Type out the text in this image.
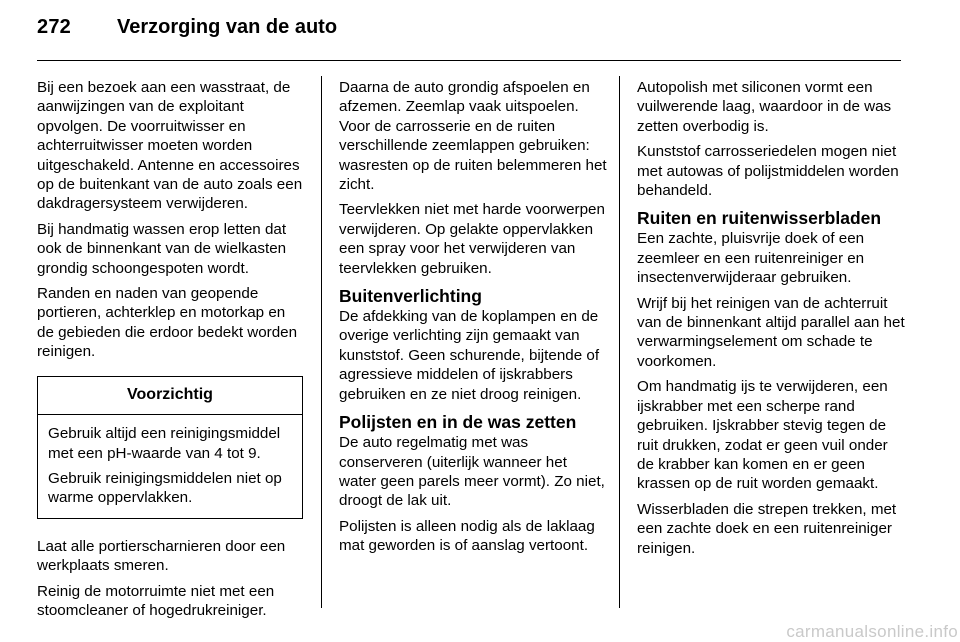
272 Verzorging van de auto

Bij een bezoek aan een wasstraat, de aanwijzingen van de exploitant opvolgen. De voorruitwisser en achterruitwisser moeten worden uitgeschakeld. Antenne en accessoires op de buitenkant van de auto zoals een dakdragersysteem verwijderen.

Bij handmatig wassen erop letten dat ook de binnenkant van de wielkasten grondig schoongespoten wordt.

Randen en naden van geopende portieren, achterklep en motorkap en de gebieden die erdoor bedekt worden reinigen.

Voorzichtig

Gebruik altijd een reinigingsmiddel met een pH-waarde van 4 tot 9.

Gebruik reinigingsmiddelen niet op warme oppervlakken.

Laat alle portierscharnieren door een werkplaats smeren.

Reinig de motorruimte niet met een stoomcleaner of hogedrukreiniger.

Daarna de auto grondig afspoelen en afzemen. Zeemlap vaak uitspoelen. Voor de carrosserie en de ruiten verschillende zeemlappen gebruiken: wasresten op de ruiten belemmeren het zicht.

Teervlekken niet met harde voorwerpen verwijderen. Op gelakte oppervlakken een spray voor het verwijderen van teervlekken gebruiken.

Buitenverlichting

De afdekking van de koplampen en de overige verlichting zijn gemaakt van kunststof. Geen schurende, bijtende of agressieve middelen of ijskrabbers gebruiken en ze niet droog reinigen.

Polijsten en in de was zetten

De auto regelmatig met was conserveren (uiterlijk wanneer het water geen parels meer vormt). Zo niet, droogt de lak uit.

Polijsten is alleen nodig als de laklaag mat geworden is of aanslag vertoont.

Autopolish met siliconen vormt een vuilwerende laag, waardoor in de was zetten overbodig is.

Kunststof carrosseriedelen mogen niet met autowas of polijstmiddelen worden behandeld.

Ruiten en ruitenwisserbladen

Een zachte, pluisvrije doek of een zeemleer en een ruitenreiniger en insectenverwijderaar gebruiken.

Wrijf bij het reinigen van de achterruit van de binnenkant altijd parallel aan het verwarmingselement om schade te voorkomen.

Om handmatig ijs te verwijderen, een ijskrabber met een scherpe rand gebruiken. Ijskrabber stevig tegen de ruit drukken, zodat er geen vuil onder de krabber kan komen en er geen krassen op de ruit worden gemaakt.

Wisserbladen die strepen trekken, met een zachte doek en een ruitenreiniger reinigen.

carmanualsonline.info
